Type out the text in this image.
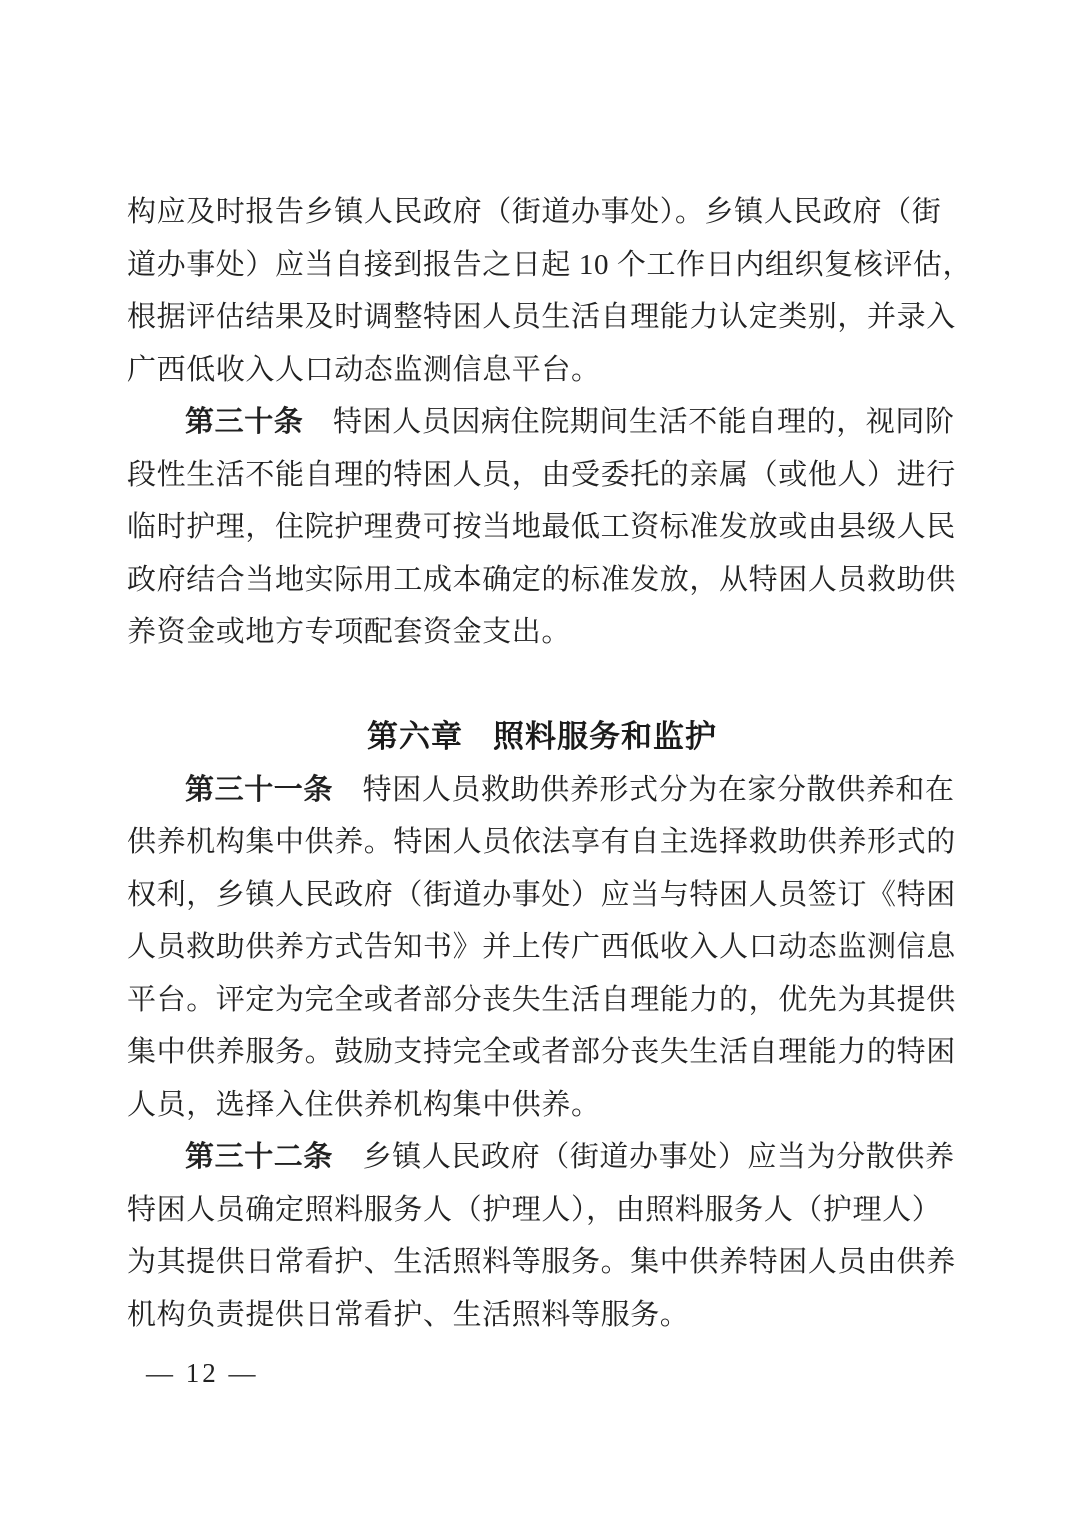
构应及时报告乡镇人民政府（街道办事处）。乡镇人民政府（街

道办事处）应当自接到报告之日起 10 个工作日内组织复核评估，

根据评估结果及时调整特困人员生活自理能力认定类别，并录入

广西低收入人口动态监测信息平台。

第三十条　特困人员因病住院期间生活不能自理的，视同阶

段性生活不能自理的特困人员，由受委托的亲属（或他人）进行

临时护理，住院护理费可按当地最低工资标准发放或由县级人民

政府结合当地实际用工成本确定的标准发放，从特困人员救助供

养资金或地方专项配套资金支出。

第六章 照料服务和监护

第三十一条　特困人员救助供养形式分为在家分散供养和在

供养机构集中供养。特困人员依法享有自主选择救助供养形式的

权利，乡镇人民政府（街道办事处）应当与特困人员签订《特困

人员救助供养方式告知书》并上传广西低收入人口动态监测信息

平台。评定为完全或者部分丧失生活自理能力的，优先为其提供

集中供养服务。鼓励支持完全或者部分丧失生活自理能力的特困

人员，选择入住供养机构集中供养。

第三十二条　乡镇人民政府（街道办事处）应当为分散供养

特困人员确定照料服务人（护理人），由照料服务人（护理人）

为其提供日常看护、生活照料等服务。集中供养特困人员由供养

机构负责提供日常看护、生活照料等服务。

— 12 —
